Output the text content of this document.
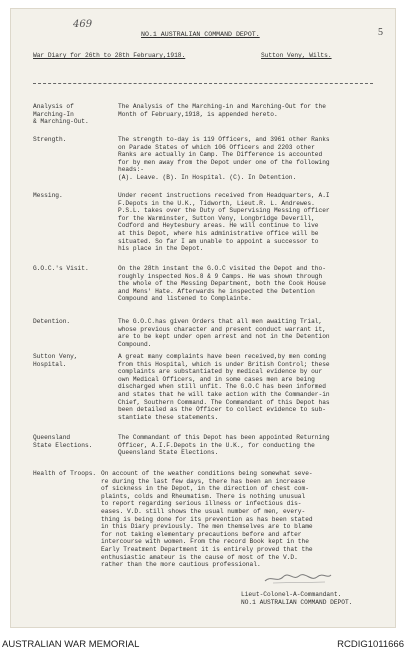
469
5
NO.1 AUSTRALIAN COMMAND DEPOT.
War Diary for 26th to 28th February,1918.	Sutton Veny, Wilts.
Analysis of
Marching-In
& Marching-Out.
The Analysis of the Marching-in and Marching-Out for the
Month of February,1918, is appended hereto.
Strength.	The strength to-day is 119 Officers, and 3961 other Ranks
on Parade States of which 106 Officers and 2203 other
Ranks are actually in Camp. The Difference is accounted
for by men away from the Depot under one of the following
heads:-
(A). Leave. (B). In Hospital. (C). In Detention.
Messing.	Under recent instructions received from Headquarters, A.I
F.Depots in the U.K., Tidworth, Lieut.R. L. Andrewes.
P.S.L. takes over the Duty of Supervising Messing officer
for the Warminster, Sutton Veny, Longbridge Deverill,
Codford and Heytesbury areas. He will continue to live
at this Depot, where his administrative office will be
situated. So far I am unable to appoint a successor to
his place in the Depot.
G.O.C.'s Visit.	On the 28th instant the G.O.C visited the Depot and tho-
roughly inspected Nos.8 & 9 Camps. He was shown through
the whole of the Messing Department, both the Cook House
and Mens' Hate. Afterwards he inspected the Detention
Compound and listened to Complainte.
Detention.	The G.O.C.has given Orders that all men awaiting Trial,
whose previous character and present conduct warrant it,
are to be kept under open arrest and not in the Detention
Compound.
Sutton Veny,
Hospital.
A great many complaints have been received,by men coming
from this Hospital, which is under British Control; these
complaints are substantiated by medical evidence by our
own Medical Officers, and in some cases men are being
discharged when still unfit. The G.O.C has been informed
and states that he will take action with the Commander-in
Chief, Southern Command. The Commandant of this Depot has
been detailed as the Officer to collect evidence to sub-
stantiate these statements.
Queensland
State Elections.
The Commandant of this Depot has been appointed Returning
Officer, A.I.F.Depots in the U.K., for conducting the
Queensland State Elections.
Health of Troops. On account of the weather conditions being somewhat seve-
re during the last few days, there has been an increase
of sickness in the Depot, in the direction of chest com-
plaints, colds and Rheumatism. There is nothing unusual
to report regarding serious illness or infectious dis-
eases. V.D. still shows the usual number of men, every-
thing is being done for its prevention as has been stated
in this Diary previously. The men themselves are to blame
for not taking elementary precautions before and after
intercourse with women. From the record Book kept in the
Early Treatment Department it is entirely proved that the
enthusiastic amateur is the cause of most of the V.D.
rather than the more cautious professional.
Lieut-Colonel-A-Commandant.
NO.1 AUSTRALIAN COMMAND DEPOT.
AUSTRALIAN WAR MEMORIAL	RCDIG1011666
